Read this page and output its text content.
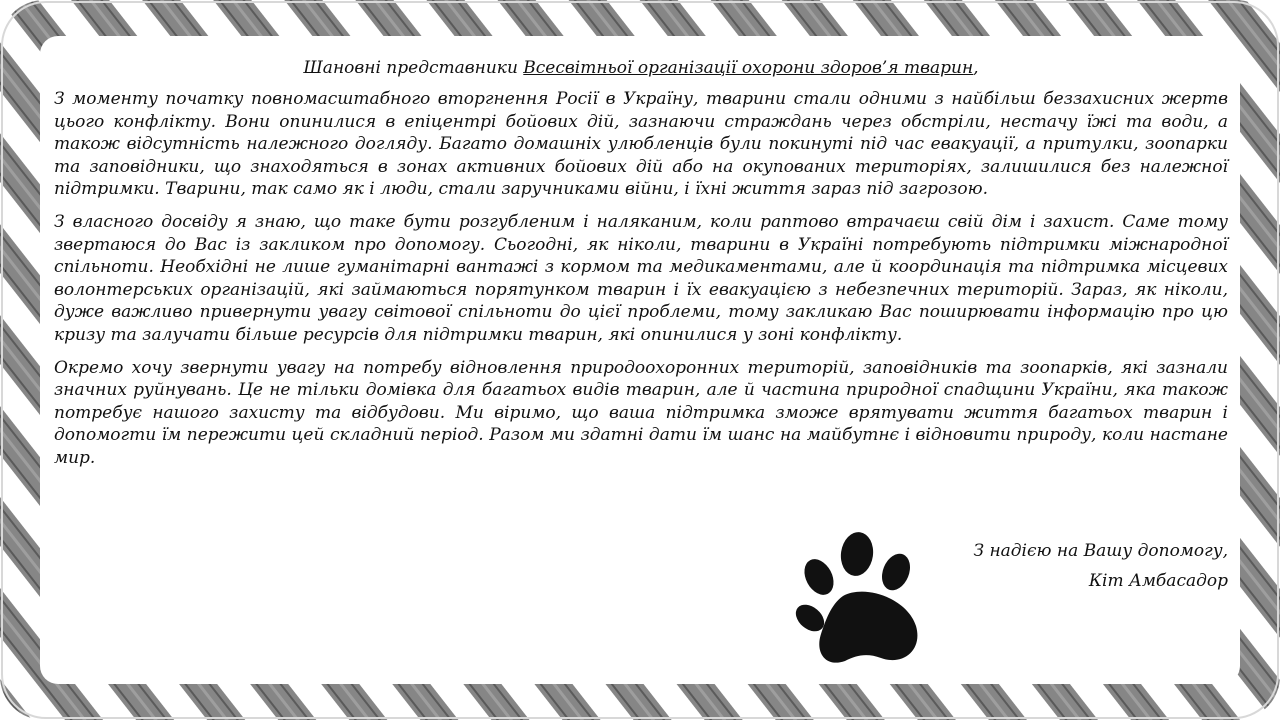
Шановні представники Всесвітньої організації охорони здоров’я тварин,

З моменту початку повномасштабного вторгнення Росії в Україну, тварини стали одними з найбільш беззахисних жертв цього конфлікту. Вони опинилися в епіцентрі бойових дій, зазнаючи страждань через обстріли, нестачу їжі та води, а також відсутність належного догляду. Багато домашніх улюбленців були покинуті під час евакуації, а притулки, зоопарки та заповідники, що знаходяться в зонах активних бойових дій або на окупованих територіях, залишилися без належної підтримки. Тварини, так само як і люди, стали заручниками війни, і їхні життя зараз під загрозою.

З власного досвіду я знаю, що таке бути розгубленим і наляканим, коли раптово втрачаєш свій дім і захист. Саме тому звертаюся до Вас із закликом про допомогу. Сьогодні, як ніколи, тварини в Україні потребують підтримки міжнародної спільноти. Необхідні не лише гуманітарні вантажі з кормом та медикаментами, але й координація та підтримка місцевих волонтерських організацій, які займаються порятунком тварин і їх евакуацією з небезпечних територій. Зараз, як ніколи, дуже важливо привернути увагу світової спільноти до цієї проблеми, тому закликаю Вас поширювати інформацію про цю кризу та залучати більше ресурсів для підтримки тварин, які опинилися у зоні конфлікту.

Окремо хочу звернути увагу на потребу відновлення природоохоронних територій, заповідників та зоопарків, які зазнали значних руйнувань. Це не тільки домівка для багатьох видів тварин, але й частина природної спадщини України, яка також потребує нашого захисту та відбудови. Ми віримо, що ваша підтримка зможе врятувати життя багатьох тварин і допомогти їм пережити цей складний період. Разом ми здатні дати їм шанс на майбутнє і відновити природу, коли настане мир.

З надією на Вашу допомогу,
Кіт Амбасадор
